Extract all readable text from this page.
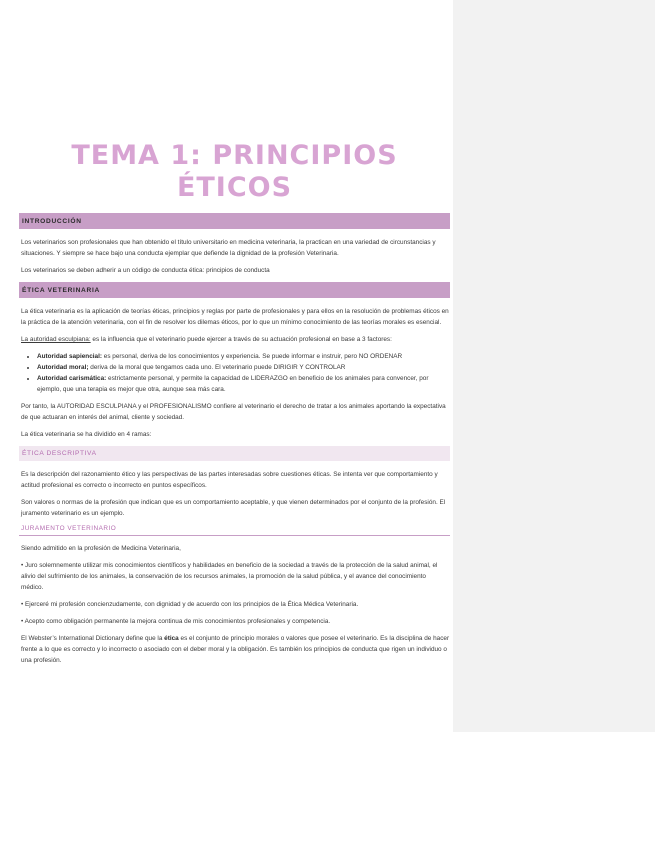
TEMA 1: PRINCIPIOS ÉTICOS
INTRODUCCIÓN

Los veterinarios son profesionales que han obtenido el título universitario en medicina veterinaria, la practican en una variedad de circunstancias y situaciones. Y siempre se hace bajo una conducta ejemplar que defiende la dignidad de la profesión Veterinaria.

Los veterinarios se deben adherir a un código de conducta ética: principios de conducta

ÉTICA VETERINARIA

La ética veterinaria es la aplicación de teorías éticas, principios y reglas por parte de profesionales y para ellos en la resolución de problemas éticos en la práctica de la atención veterinaria, con el fin de resolver los dilemas éticos, por lo que un mínimo conocimiento de las teorías morales es esencial.

La autoridad esculpiana: es la influencia que el veterinario puede ejercer a través de su actuación profesional en base a 3 factores:

• Autoridad sapiencial: es personal, deriva de los conocimientos y experiencia. Se puede informar e instruir, pero NO ORDENAR
• Autoridad moral; deriva de la moral que tengamos cada uno. El veterinario puede DIRIGIR Y CONTROLAR
• Autoridad carismática: estrictamente personal, y permite la capacidad de LIDERAZGO en beneficio de los animales para convencer, por ejemplo, que una terapia es mejor que otra, aunque sea más cara.

Por tanto, la AUTORIDAD ESCULPIANA y el PROFESIONALISMO confiere al veterinario el derecho de tratar a los animales aportando la expectativa de que actuaran en interés del animal, cliente y sociedad.

La ética veterinaria se ha dividido en 4 ramas:

ÉTICA DESCRIPTIVA

Es la descripción del razonamiento ético y las perspectivas de las partes interesadas sobre cuestiones éticas. Se intenta ver que comportamiento y actitud profesional es correcto o incorrecto en puntos específicos.

Son valores o normas de la profesión que indican que es un comportamiento aceptable, y que vienen determinados por el conjunto de la profesión. El juramento veterinario es un ejemplo.

JURAMENTO VETERINARIO

Siendo admitido en la profesión de Medicina Veterinaria,

• Juro solemnemente utilizar mis conocimientos científicos y habilidades en beneficio de la sociedad a través de la protección de la salud animal, el alivio del sufrimiento de los animales, la conservación de los recursos animales, la promoción de la salud pública, y el avance del conocimiento médico.

• Ejerceré mi profesión concienzudamente, con dignidad y de acuerdo con los principios de la Ética Médica Veterinaria.

• Acepto como obligación permanente la mejora continua de mis conocimientos profesionales y competencia.

El Webster’s International Dictionary define que la ética es el conjunto de principio morales o valores que posee el veterinario. Es la disciplina de hacer frente a lo que es correcto y lo incorrecto o asociado con el deber moral y la obligación. Es también los principios de conducta que rigen un individuo o una profesión.
